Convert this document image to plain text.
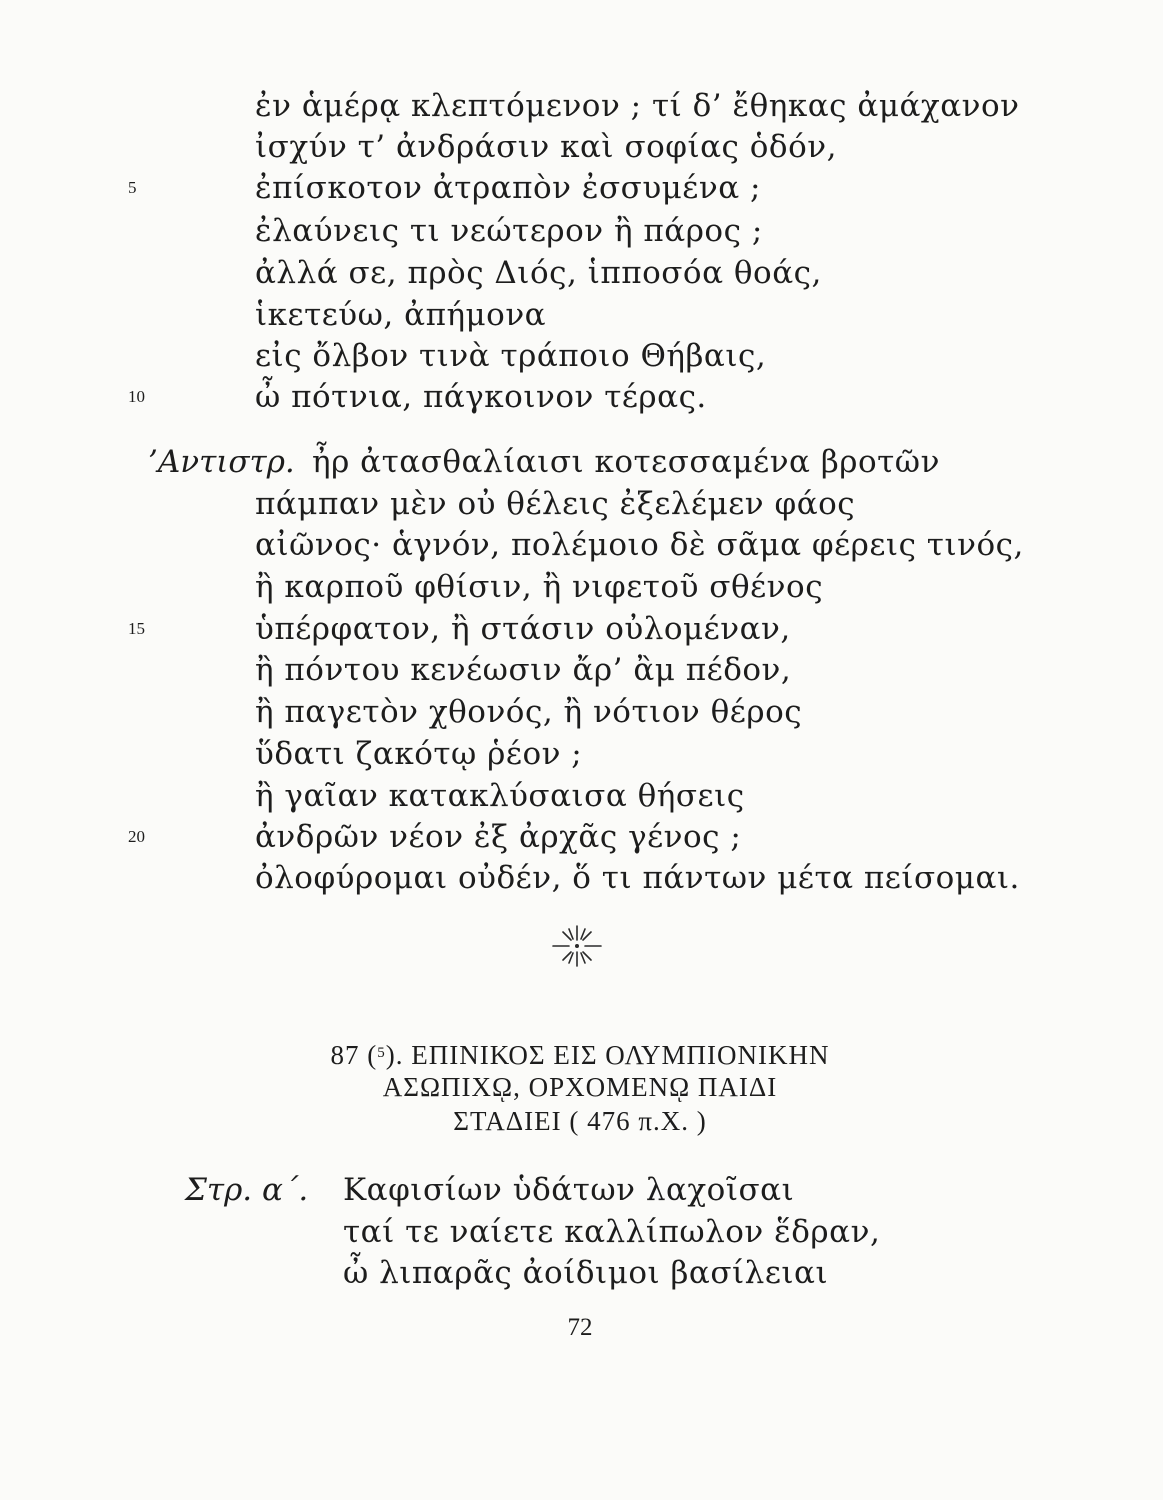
ἐν ἁμέρᾳ κλεπτόμενον ; τί δ’ ἔθηκας ἀμάχανον
ἰσχύν τ’ ἀνδράσιν καὶ σοφίας ὁδόν,
ἐπίσκοτον ἀτραπὸν ἐσσυμένα ;
5
ἐλαύνεις τι νεώτερον ἢ πάρος ;
ἀλλά σε, πρὸς Διός, ἱπποσόα θοάς,
ἱκετεύω, ἀπήμονα
εἰς ὄλβον τινὰ τράποιο Θήβαις,
ὦ πότνια, πάγκοινον τέρας.
10
’Αντιστρ. ἦρ ἀτασθαλίαισι κοτεσσαμένα βροτῶν
πάμπαν μὲν οὐ θέλεις ἐξελέμεν φάος
αἰῶνος· ἁγνόν, πολέμοιο δὲ σᾶμα φέρεις τινός,
ἢ καρποῦ φθίσιν, ἢ νιφετοῦ σθένος
ὑπέρφατον, ἢ στάσιν οὐλομέναν,
15
ἢ πόντου κενέωσιν ἄρ’ ἂμ πέδον,
ἢ παγετὸν χθονός, ἢ νότιον θέρος
ὕδατι ζακότῳ ῥέον ;
ἢ γαῖαν κατακλύσαισα θήσεις
ἀνδρῶν νέον ἐξ ἀρχᾶς γένος ;
20
ὀλοφύρομαι οὐδέν, ὅ τι πάντων μέτα πείσομαι.
87 ($^5$). ΕΠΙΝΙΚΟΣ ΕΙΣ ΟΛΥΜΠΙΟΝΙΚΗΝ
ΑΣΩΠΙΧῼ, ΟΡΧΟΜΕΝῼ ΠΑΙΔΙ
ΣΤΑΔΙΕΙ ( 476 π.Χ. )
Στρ. α΄. Καφισίων ὑδάτων λαχοῖσαι
ταί τε ναίετε καλλίπωλον ἕδραν,
ὦ λιπαρᾶς ἀοίδιμοι βασίλειαι
72
